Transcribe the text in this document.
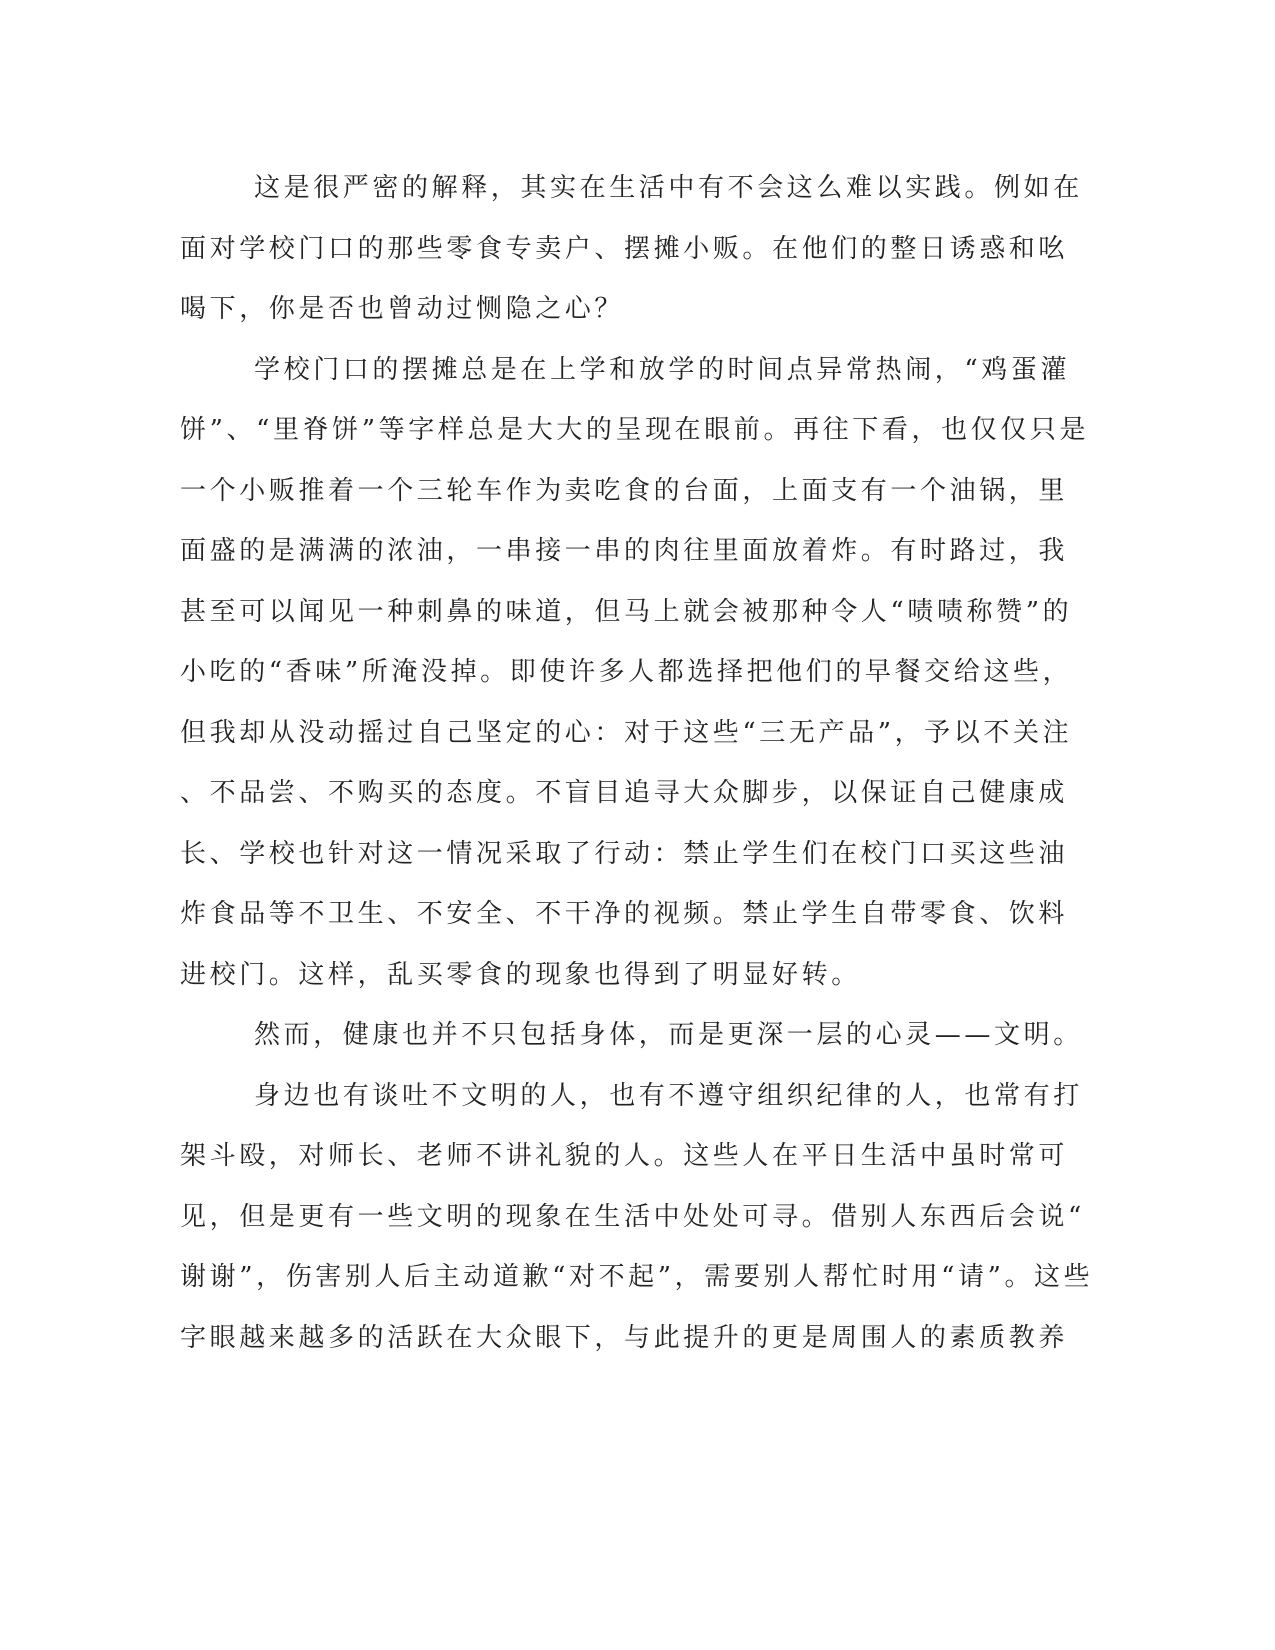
这是很严密的解释，其实在生活中有不会这么难以实践。例如在
面对学校门口的那些零食专卖户、摆摊小贩。在他们的整日诱惑和吆
喝下，你是否也曾动过恻隐之心？
学校门口的摆摊总是在上学和放学的时间点异常热闹，“鸡蛋灌
饼”、“里脊饼”等字样总是大大的呈现在眼前。再往下看，也仅仅只是
一个小贩推着一个三轮车作为卖吃食的台面，上面支有一个油锅，里
面盛的是满满的浓油，一串接一串的肉往里面放着炸。有时路过，我
甚至可以闻见一种刺鼻的味道，但马上就会被那种令人“啧啧称赞”的
小吃的“香味”所淹没掉。即使许多人都选择把他们的早餐交给这些，
但我却从没动摇过自己坚定的心：对于这些“三无产品”，予以不关注
、不品尝、不购买的态度。不盲目追寻大众脚步，以保证自己健康成
长、学校也针对这一情况采取了行动：禁止学生们在校门口买这些油
炸食品等不卫生、不安全、不干净的视频。禁止学生自带零食、饮料
进校门。这样，乱买零食的现象也得到了明显好转。
然而，健康也并不只包括身体，而是更深一层的心灵——文明。
身边也有谈吐不文明的人，也有不遵守组织纪律的人，也常有打
架斗殴，对师长、老师不讲礼貌的人。这些人在平日生活中虽时常可
见，但是更有一些文明的现象在生活中处处可寻。借别人东西后会说“
谢谢”，伤害别人后主动道歉“对不起”，需要别人帮忙时用“请”。这些
字眼越来越多的活跃在大众眼下，与此提升的更是周围人的素质教养
